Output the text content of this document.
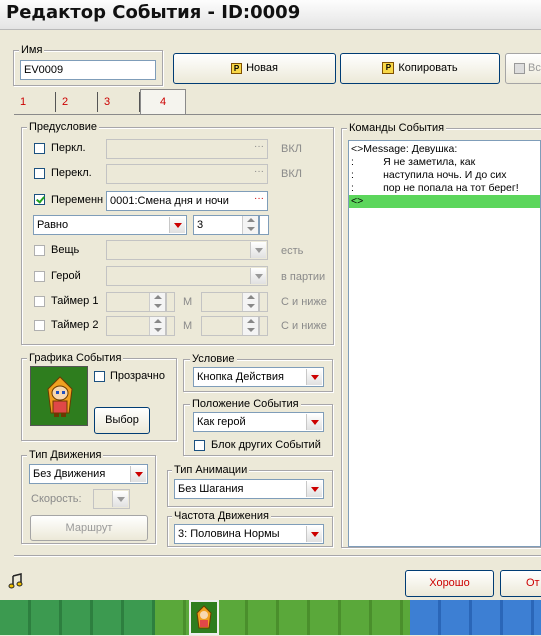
Редактор События - ID:0009
Имя
EV0009	P Новая	P Копировать	Вс
1	2	3	4
Предусловие
Перкл.	··· ВКЛ
Перекл.	··· ВКЛ
Переменн 0001:Смена дня и ночи	···
Равно	3
Вещь	есть
Герой	в партии
Таймер 1	М	С и ниже
Таймер 2	М	С и ниже
Графика События
Прозрачно
Выбор
Условие
Кнопка Действия
Положение События
Как герой
Блок других Событий
Тип Движения
Без Движения
Скорость:
Маршрут
Тип Анимации
Без Шагания
Частота Движения
3: Половина Нормы
Команды События
<>Message: Девушка:
:          Я не заметила, как
:          наступила ночь. И до сих
:          пор не попала на тот берег!
<>
Хорошо	От
